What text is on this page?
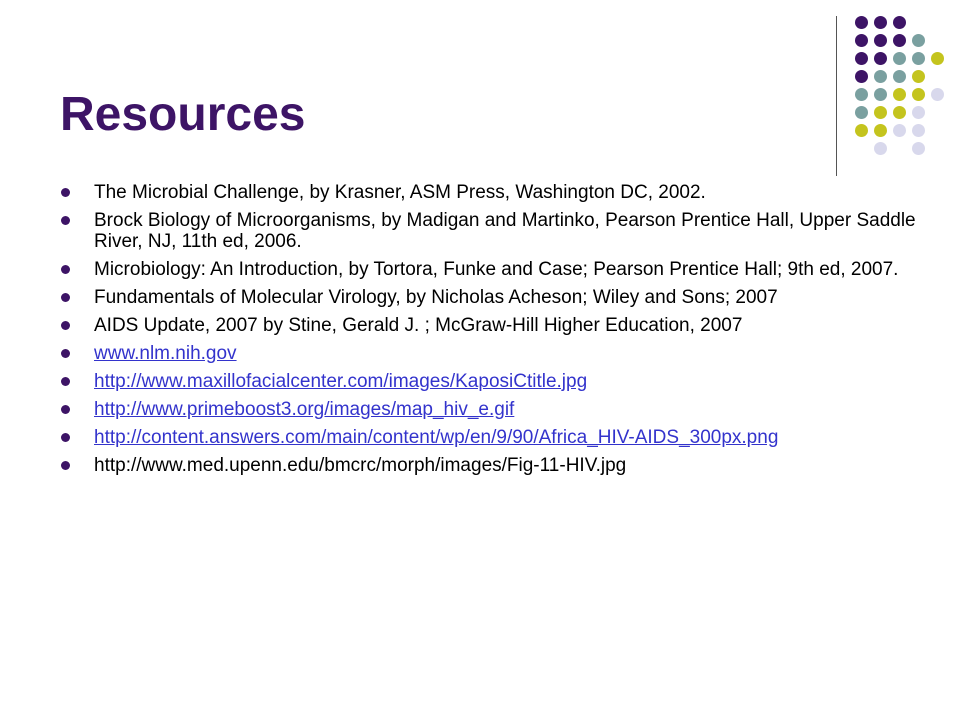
Resources
The Microbial Challenge, by Krasner, ASM Press, Washington DC, 2002.
Brock Biology of Microorganisms, by Madigan and Martinko, Pearson Prentice Hall, Upper Saddle River, NJ, 11th ed, 2006.
Microbiology: An Introduction, by Tortora, Funke and Case; Pearson Prentice Hall; 9th ed, 2007.
Fundamentals of Molecular Virology, by Nicholas Acheson; Wiley and Sons; 2007
AIDS Update, 2007 by Stine, Gerald J. ; McGraw-Hill Higher Education, 2007
www.nlm.nih.gov
http://www.maxillofacialcenter.com/images/KaposiCtitle.jpg
http://www.primeboost3.org/images/map_hiv_e.gif
http://content.answers.com/main/content/wp/en/9/90/Africa_HIV-AIDS_300px.png
http://www.med.upenn.edu/bmcrc/morph/images/Fig-11-HIV.jpg
